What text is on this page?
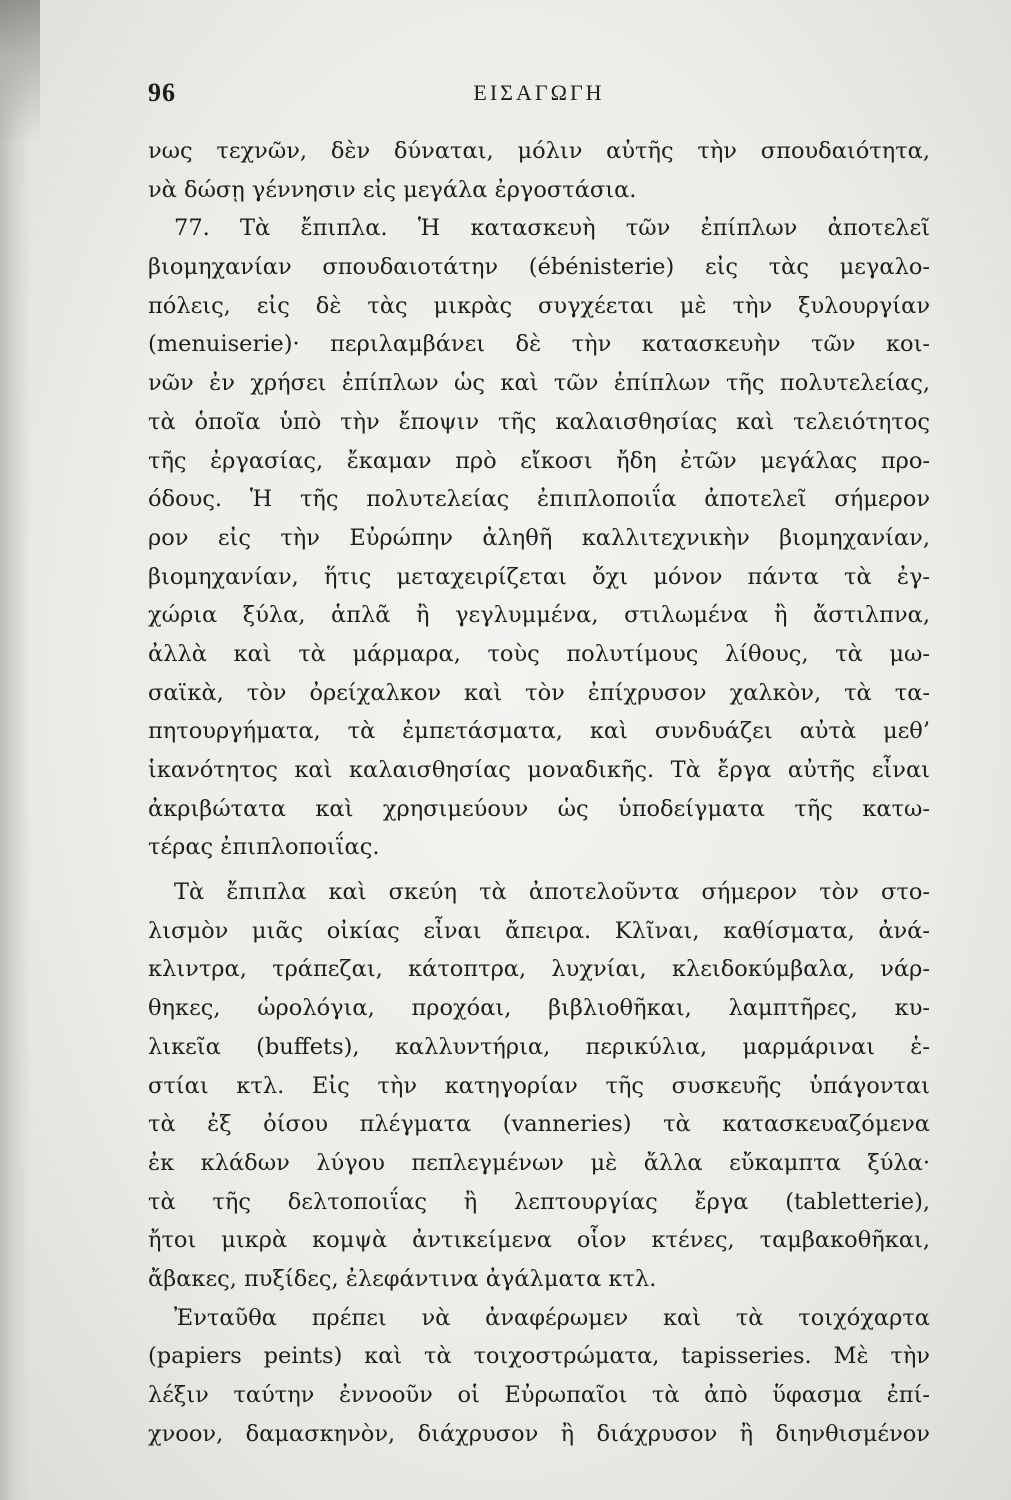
96	ΕΙΣΑΓΩΓΗ
νως τεχνῶν, δὲν δύναται, μόλιν αὐτῆς τὴν σπουδαιότητα,
νὰ δώσῃ γέννησιν εἰς μεγάλα ἐργοστάσια.
77. Τὰ ἔπιπλα. Ἡ κατασκευὴ τῶν ἐπίπλων ἀποτελεῖ
βιομηχανίαν σπουδαιοτάτην (ébénisterie) εἰς τὰς μεγαλο-
πόλεις, εἰς δὲ τὰς μικρὰς συγχέεται μὲ τὴν ξυλουργίαν
(menuiserie)· περιλαμβάνει δὲ τὴν κατασκευὴν τῶν κοι-
νῶν ἐν χρήσει ἐπίπλων ὡς καὶ τῶν ἐπίπλων τῆς πολυτελείας,
τὰ ὁποῖα ὑπὸ τὴν ἔποψιν τῆς καλαισθησίας καὶ τελειότητος
τῆς ἐργασίας, ἔκαμαν πρὸ εἴκοσι ἤδη ἐτῶν μεγάλας προ-
όδους. Ἡ τῆς πολυτελείας ἐπιπλοποιΐα ἀποτελεῖ σήμερον
ρον εἰς τὴν Εὐρώπην ἀληθῆ καλλιτεχνικὴν βιομηχανίαν,
βιομηχανίαν, ἥτις μεταχειρίζεται ὄχι μόνον πάντα τὰ ἐγ-
χώρια ξύλα, ἁπλᾶ ἢ γεγλυμμένα, στιλωμένα ἢ ἄστιλπνα,
ἀλλὰ καὶ τὰ μάρμαρα, τοὺς πολυτίμους λίθους, τὰ μω-
σαϊκὰ, τὸν ὀρείχαλκον καὶ τὸν ἐπίχρυσον χαλκὸν, τὰ τα-
πητουργήματα, τὰ ἐμπετάσματα, καὶ συνδυάζει αὐτὰ μεθ’
ἱκανότητος καὶ καλαισθησίας μοναδικῆς. Τὰ ἔργα αὐτῆς εἶναι
ἀκριβώτατα καὶ χρησιμεύουν ὡς ὑποδείγματα τῆς κατω-
τέρας ἐπιπλοποιΐας.
Τὰ ἔπιπλα καὶ σκεύη τὰ ἀποτελοῦντα σήμερον τὸν στο-
λισμὸν μιᾶς οἰκίας εἶναι ἄπειρα. Κλῖναι, καθίσματα, ἀνά-
κλιντρα, τράπεζαι, κάτοπτρα, λυχνίαι, κλειδοκύμβαλα, νάρ-
θηκες, ὡρολόγια, προχόαι, βιβλιοθῆκαι, λαμπτῆρες, κυ-
λικεῖα (buffets), καλλυντήρια, περικύλια, μαρμάριναι ἑ-
στίαι κτλ. Εἰς τὴν κατηγορίαν τῆς συσκευῆς ὑπάγονται
τὰ ἐξ ὀίσου πλέγματα (vanneries) τὰ κατασκευαζόμενα
ἐκ κλάδων λύγου πεπλεγμένων μὲ ἄλλα εὔκαμπτα ξύλα·
τὰ τῆς δελτοποιΐας ἢ λεπτουργίας ἔργα (tabletterie),
ἤτοι μικρὰ κομψὰ ἀντικείμενα οἷον κτένες, ταμβακοθῆκαι,
ἄβακες, πυξίδες, ἐλεφάντινα ἀγάλματα κτλ.
Ἐνταῦθα πρέπει νὰ ἀναφέρωμεν καὶ τὰ τοιχόχαρτα
(papiers peints) καὶ τὰ τοιχοστρώματα, tapisseries. Μὲ τὴν
λέξιν ταύτην ἐννοοῦν οἱ Εὐρωπαῖοι τὰ ἀπὸ ὕφασμα ἐπί-
χνοον, δαμασκηνὸν, διάχρυσον ἢ διάχρυσον ἢ διηνθισμένον
